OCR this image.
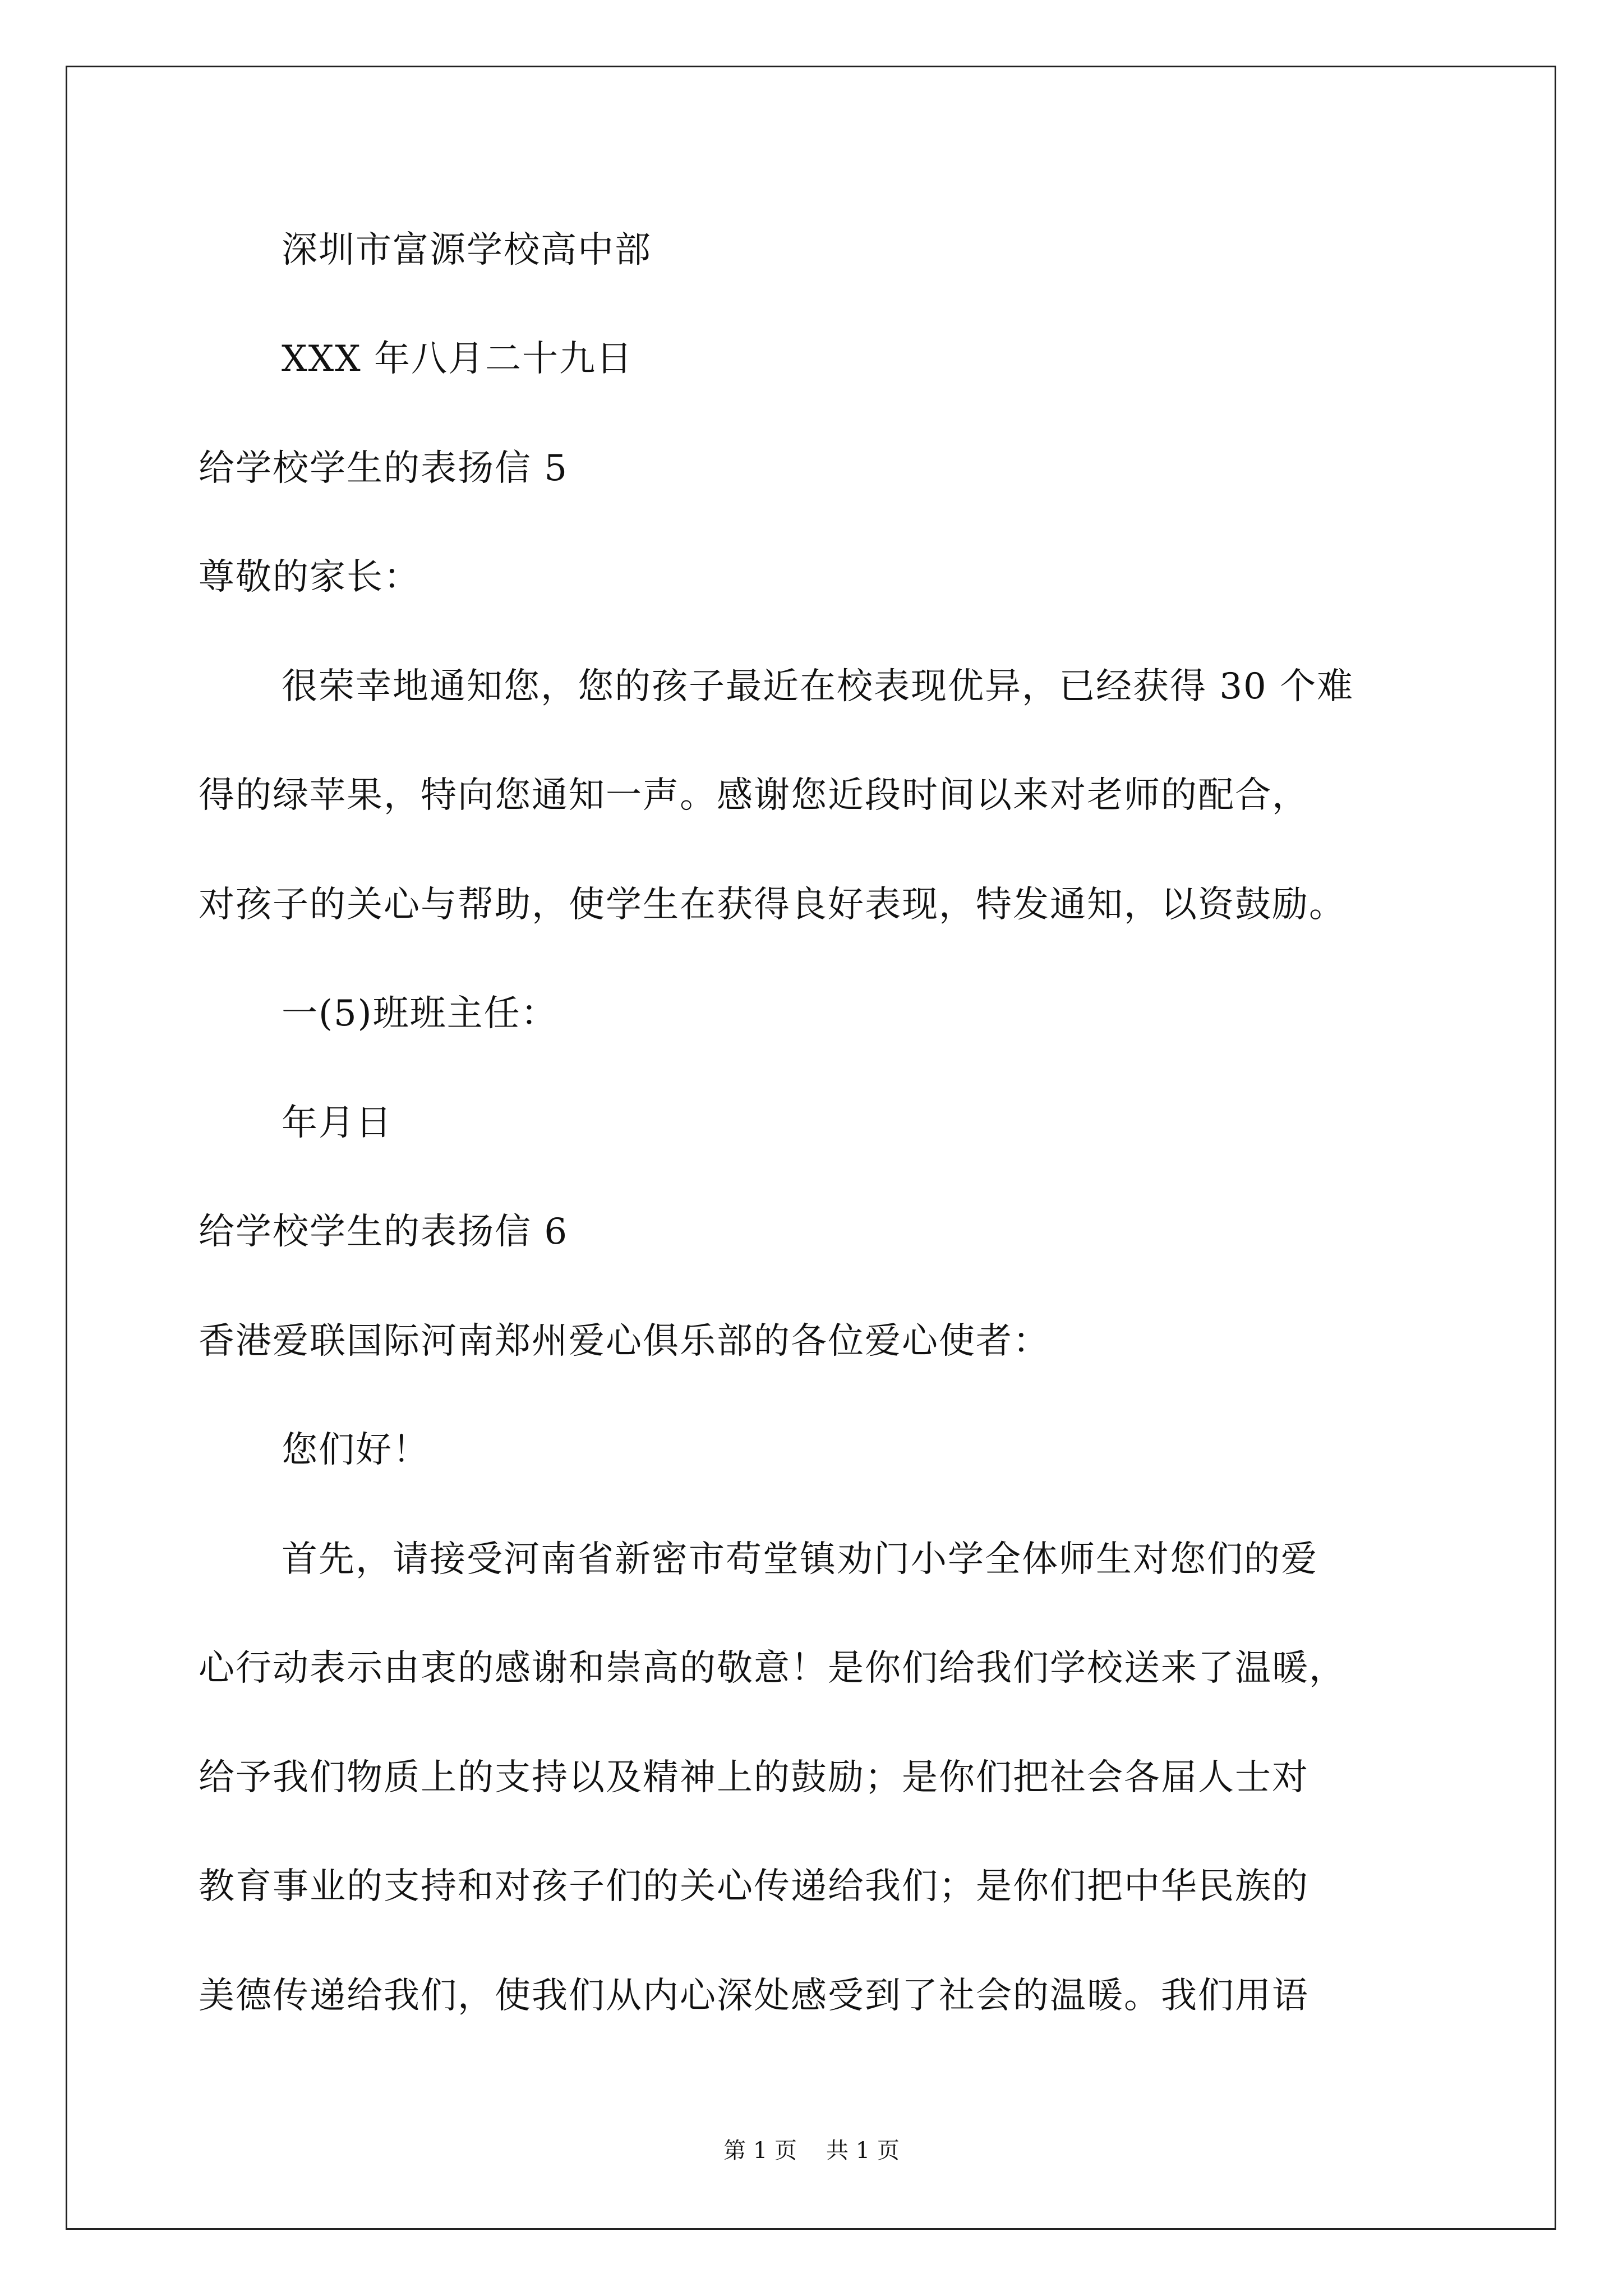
深圳市富源学校高中部
XXX 年八月二十九日
给学校学生的表扬信 5
尊敬的家长：
很荣幸地通知您，您的孩子最近在校表现优异，已经获得 30 个难
得的绿苹果，特向您通知一声。感谢您近段时间以来对老师的配合，
对孩子的关心与帮助，使学生在获得良好表现，特发通知，以资鼓励。
一(5)班班主任：
年月日
给学校学生的表扬信 6
香港爱联国际河南郑州爱心俱乐部的各位爱心使者：
您们好！
首先，请接受河南省新密市苟堂镇劝门小学全体师生对您们的爱
心行动表示由衷的感谢和崇高的敬意！是你们给我们学校送来了温暖，
给予我们物质上的支持以及精神上的鼓励；是你们把社会各届人士对
教育事业的支持和对孩子们的关心传递给我们；是你们把中华民族的
美德传递给我们，使我们从内心深处感受到了社会的温暖。我们用语
第 1 页 共 1 页
